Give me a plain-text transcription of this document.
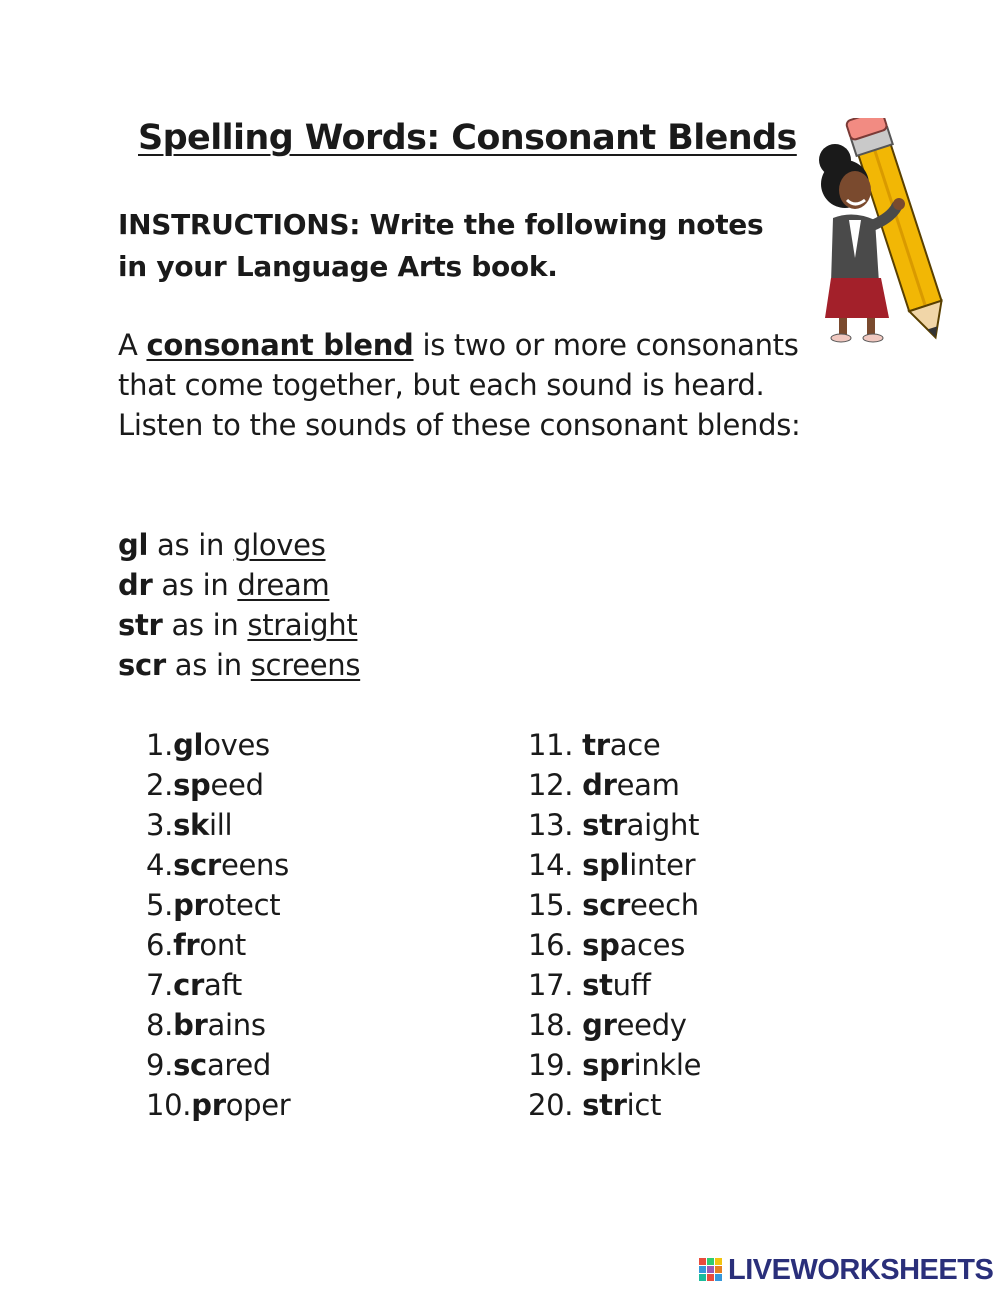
Spelling Words: Consonant Blends

INSTRUCTIONS: Write the following notes in your Language Arts book.

A consonant blend is two or more consonants that come together, but each sound is heard. Listen to the sounds of these consonant blends:

gl as in gloves
dr as in dream
str as in straight
scr as in screens
1.gloves
2.speed
3.skill
4.screens
5.protect
6.front
7.craft
8.brains
9.scared
10.proper
11. trace
12. dream
13. straight
14. splinter
15. screech
16. spaces
17. stuff
18. greedy
19. sprinkle
20. strict
LIVEWORKSHEETS
